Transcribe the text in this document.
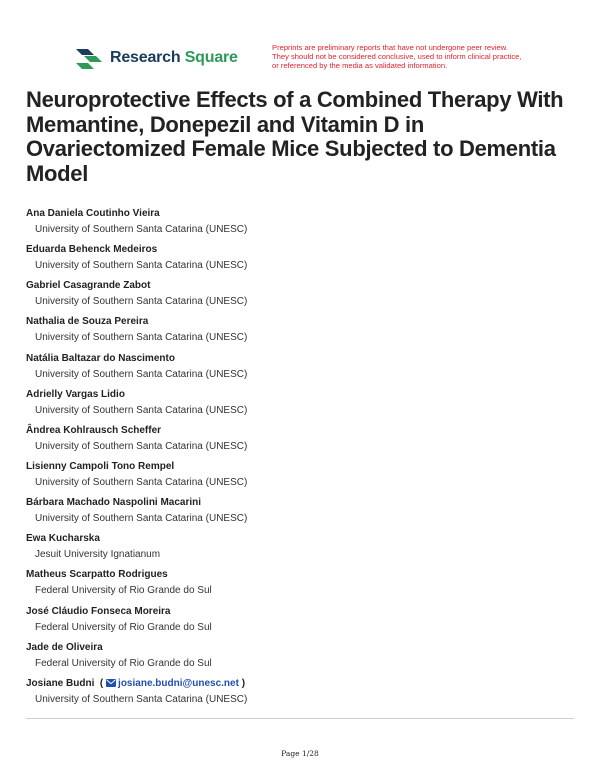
Research Square
Preprints are preliminary reports that have not undergone peer review.
They should not be considered conclusive, used to inform clinical practice,
or referenced by the media as validated information.
Neuroprotective Effects of a Combined Therapy With Memantine, Donepezil and Vitamin D in Ovariectomized Female Mice Subjected to Dementia Model
Ana Daniela Coutinho Vieira
University of Southern Santa Catarina (UNESC)
Eduarda Behenck Medeiros
University of Southern Santa Catarina (UNESC)
Gabriel Casagrande Zabot
University of Southern Santa Catarina (UNESC)
Nathalia de Souza Pereira
University of Southern Santa Catarina (UNESC)
Natália Baltazar do Nascimento
University of Southern Santa Catarina (UNESC)
Adrielly Vargas Lidio
University of Southern Santa Catarina (UNESC)
Ândrea Kohlrausch Scheffer
University of Southern Santa Catarina (UNESC)
Lisienny Campoli Tono Rempel
University of Southern Santa Catarina (UNESC)
Bárbara Machado Naspolini Macarini
University of Southern Santa Catarina (UNESC)
Ewa Kucharska
Jesuit University Ignatianum
Matheus Scarpatto Rodrigues
Federal University of Rio Grande do Sul
José Cláudio Fonseca Moreira
Federal University of Rio Grande do Sul
Jade de Oliveira
Federal University of Rio Grande do Sul
Josiane Budni ( josiane.budni@unesc.net )
University of Southern Santa Catarina (UNESC)
Page 1/28
